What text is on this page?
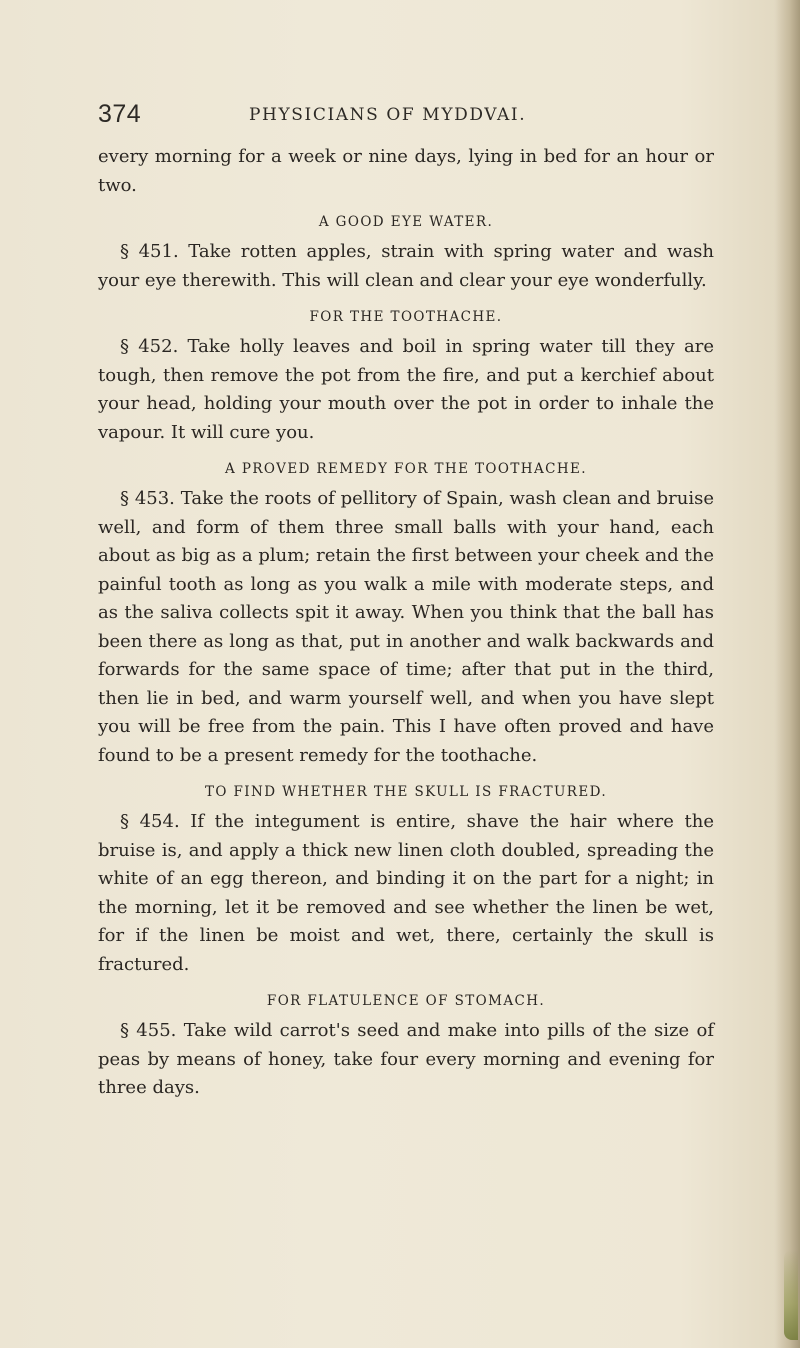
374	PHYSICIANS OF MYDDVAI.

every morning for a week or nine days, lying in bed for an hour or two.

A GOOD EYE WATER.

§ 451. Take rotten apples, strain with spring water and wash your eye therewith. This will clean and clear your eye wonderfully.

FOR THE TOOTHACHE.

§ 452. Take holly leaves and boil in spring water till they are tough, then remove the pot from the fire, and put a kerchief about your head, holding your mouth over the pot in order to inhale the vapour. It will cure you.

A PROVED REMEDY FOR THE TOOTHACHE.

§ 453. Take the roots of pellitory of Spain, wash clean and bruise well, and form of them three small balls with your hand, each about as big as a plum; retain the first between your cheek and the painful tooth as long as you walk a mile with moderate steps, and as the saliva collects spit it away. When you think that the ball has been there as long as that, put in another and walk backwards and forwards for the same space of time; after that put in the third, then lie in bed, and warm yourself well, and when you have slept you will be free from the pain. This I have often proved and have found to be a present remedy for the toothache.

TO FIND WHETHER THE SKULL IS FRACTURED.

§ 454. If the integument is entire, shave the hair where the bruise is, and apply a thick new linen cloth doubled, spreading the white of an egg thereon, and binding it on the part for a night; in the morning, let it be removed and see whether the linen be wet, for if the linen be moist and wet, there, certainly the skull is fractured.

FOR FLATULENCE OF STOMACH.

§ 455. Take wild carrot's seed and make into pills of the size of peas by means of honey, take four every morning and evening for three days.
